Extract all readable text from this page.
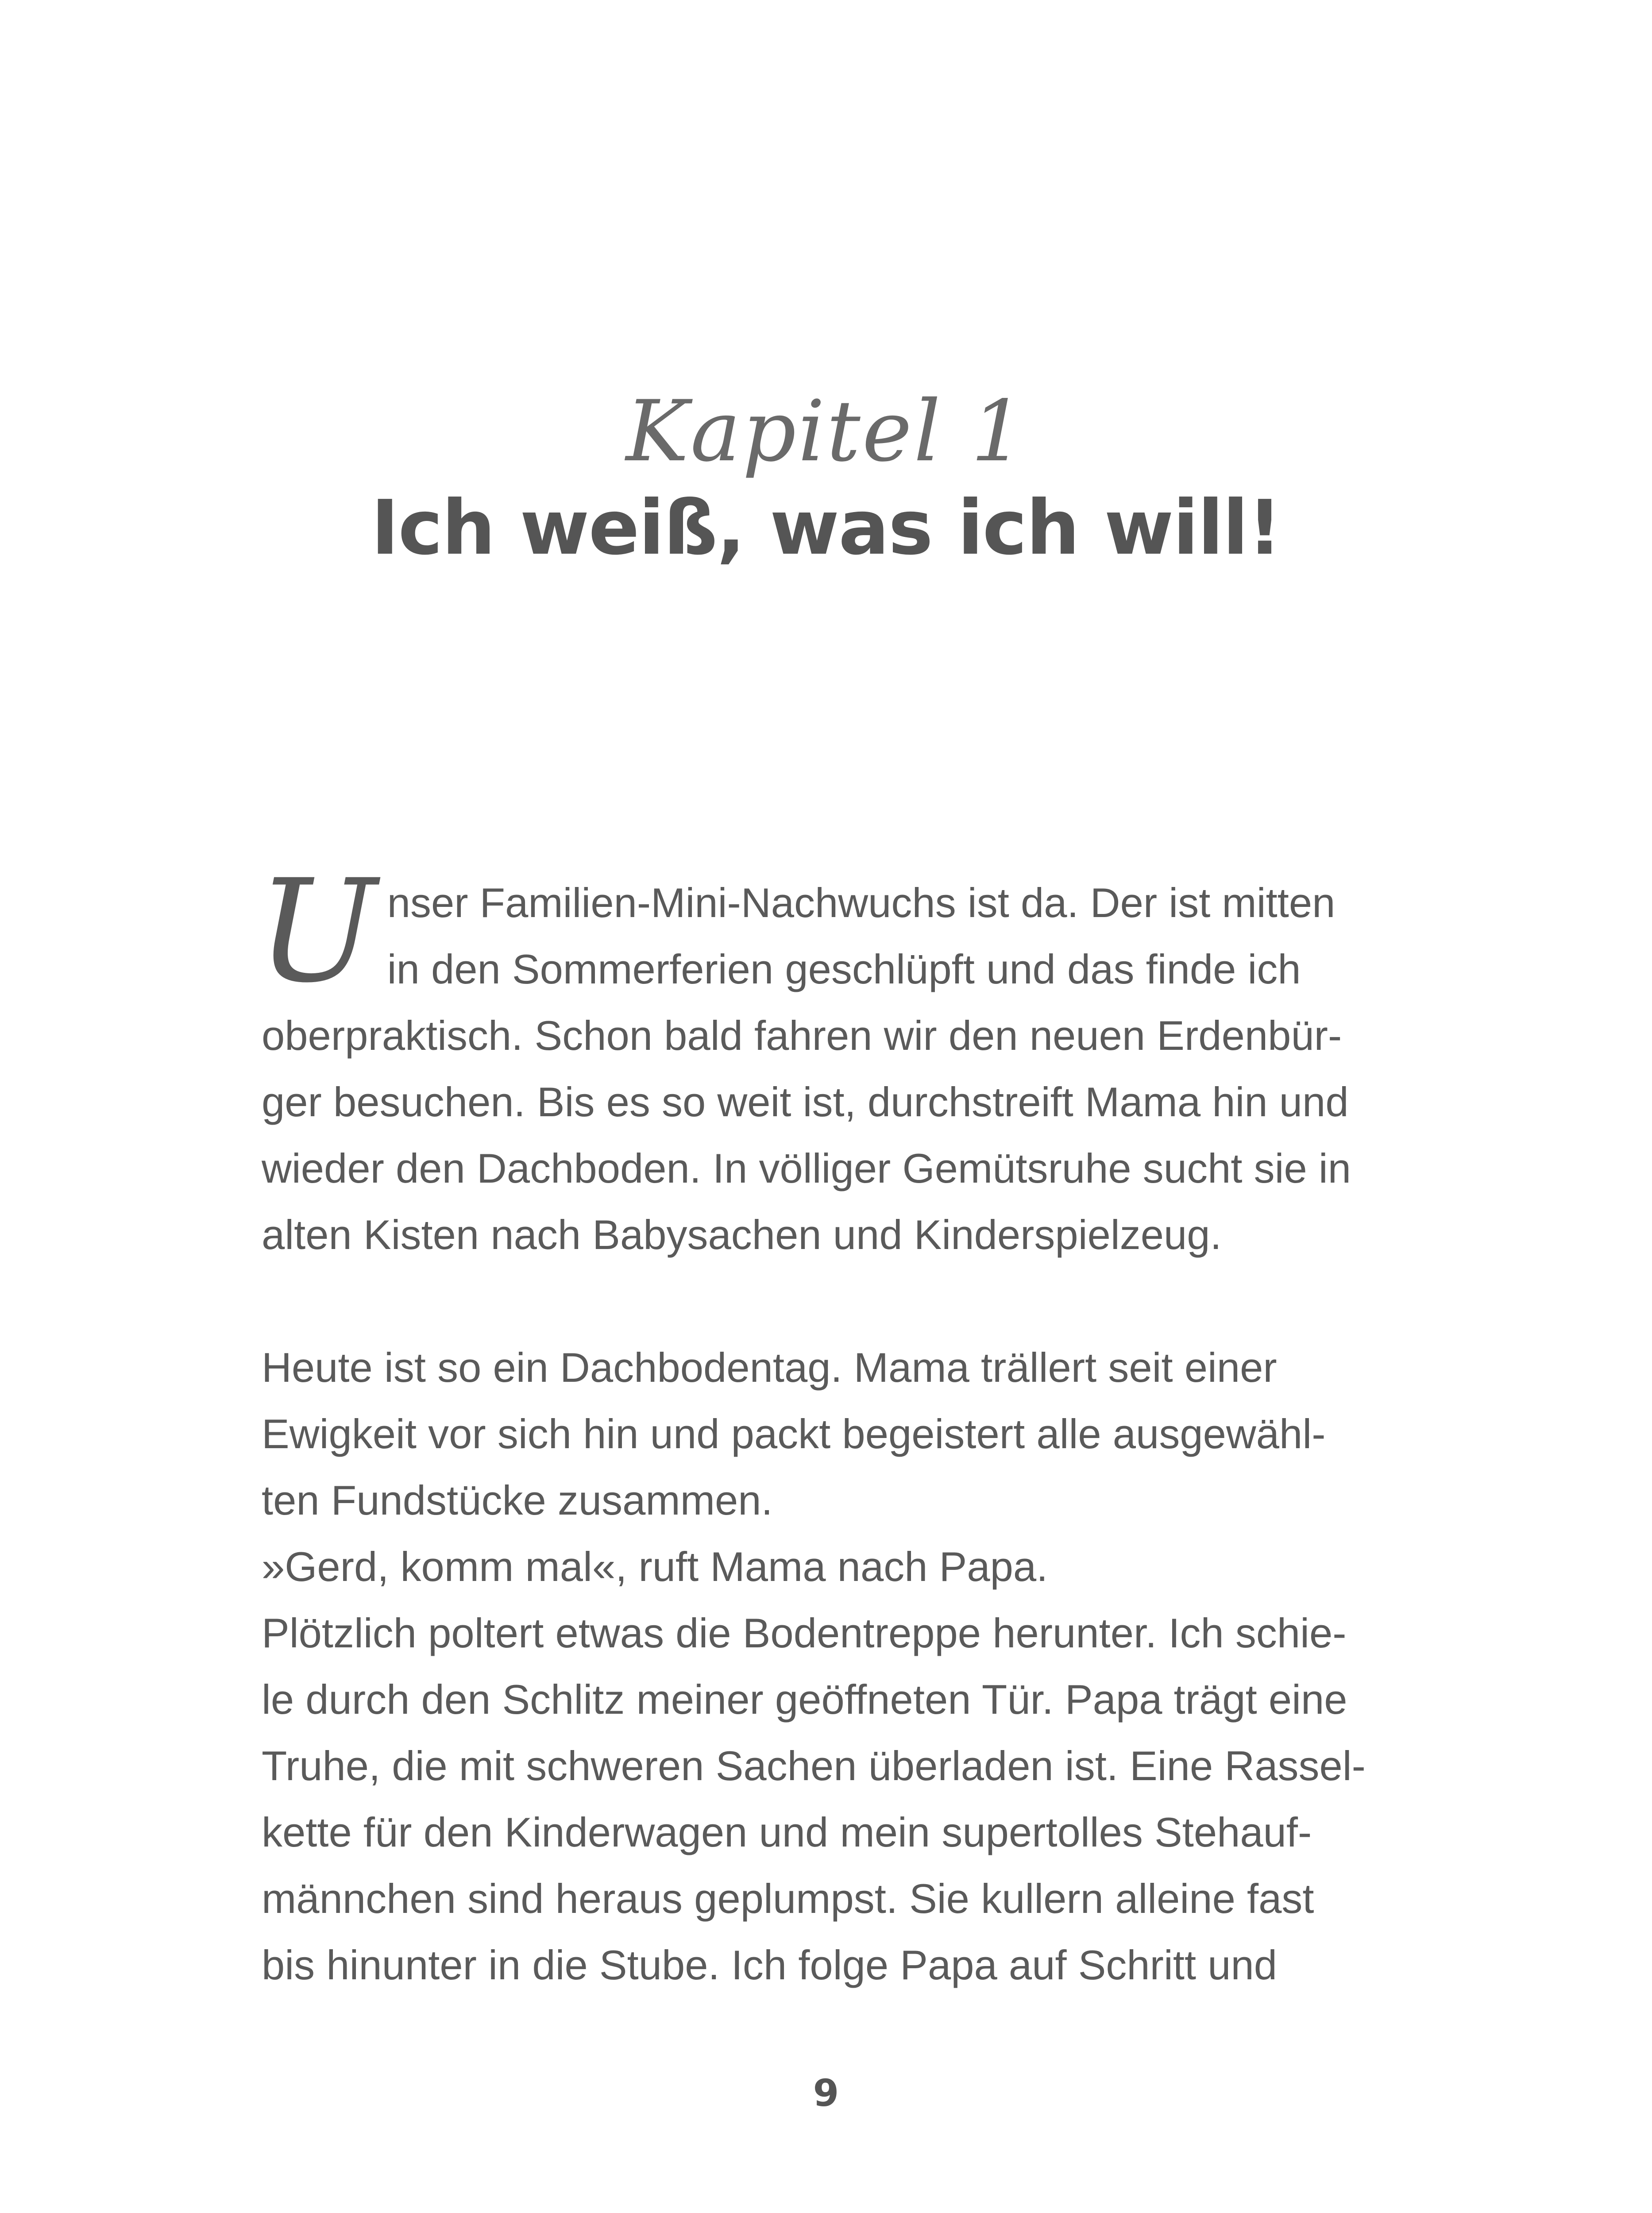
Kapitel 1
Ich weiß, was ich will!
U nser Familien-Mini-Nachwuchs ist da. Der ist mitten
in den Sommerferien geschlüpft und das finde ich
oberpraktisch. Schon bald fahren wir den neuen Erdenbür-
ger besuchen. Bis es so weit ist, durchstreift Mama hin und
wieder den Dachboden. In völliger Gemütsruhe sucht sie in
alten Kisten nach Babysachen und Kinderspielzeug.
Heute ist so ein Dachbodentag. Mama trällert seit einer
Ewigkeit vor sich hin und packt begeistert alle ausgewähl-
ten Fundstücke zusammen.
»Gerd, komm mal«, ruft Mama nach Papa.
Plötzlich poltert etwas die Bodentreppe herunter. Ich schie-
le durch den Schlitz meiner geöffneten Tür. Papa trägt eine
Truhe, die mit schweren Sachen überladen ist. Eine Rassel-
kette für den Kinderwagen und mein supertolles Stehauf-
männchen sind heraus geplumpst. Sie kullern alleine fast
bis hinunter in die Stube. Ich folge Papa auf Schritt und
9
